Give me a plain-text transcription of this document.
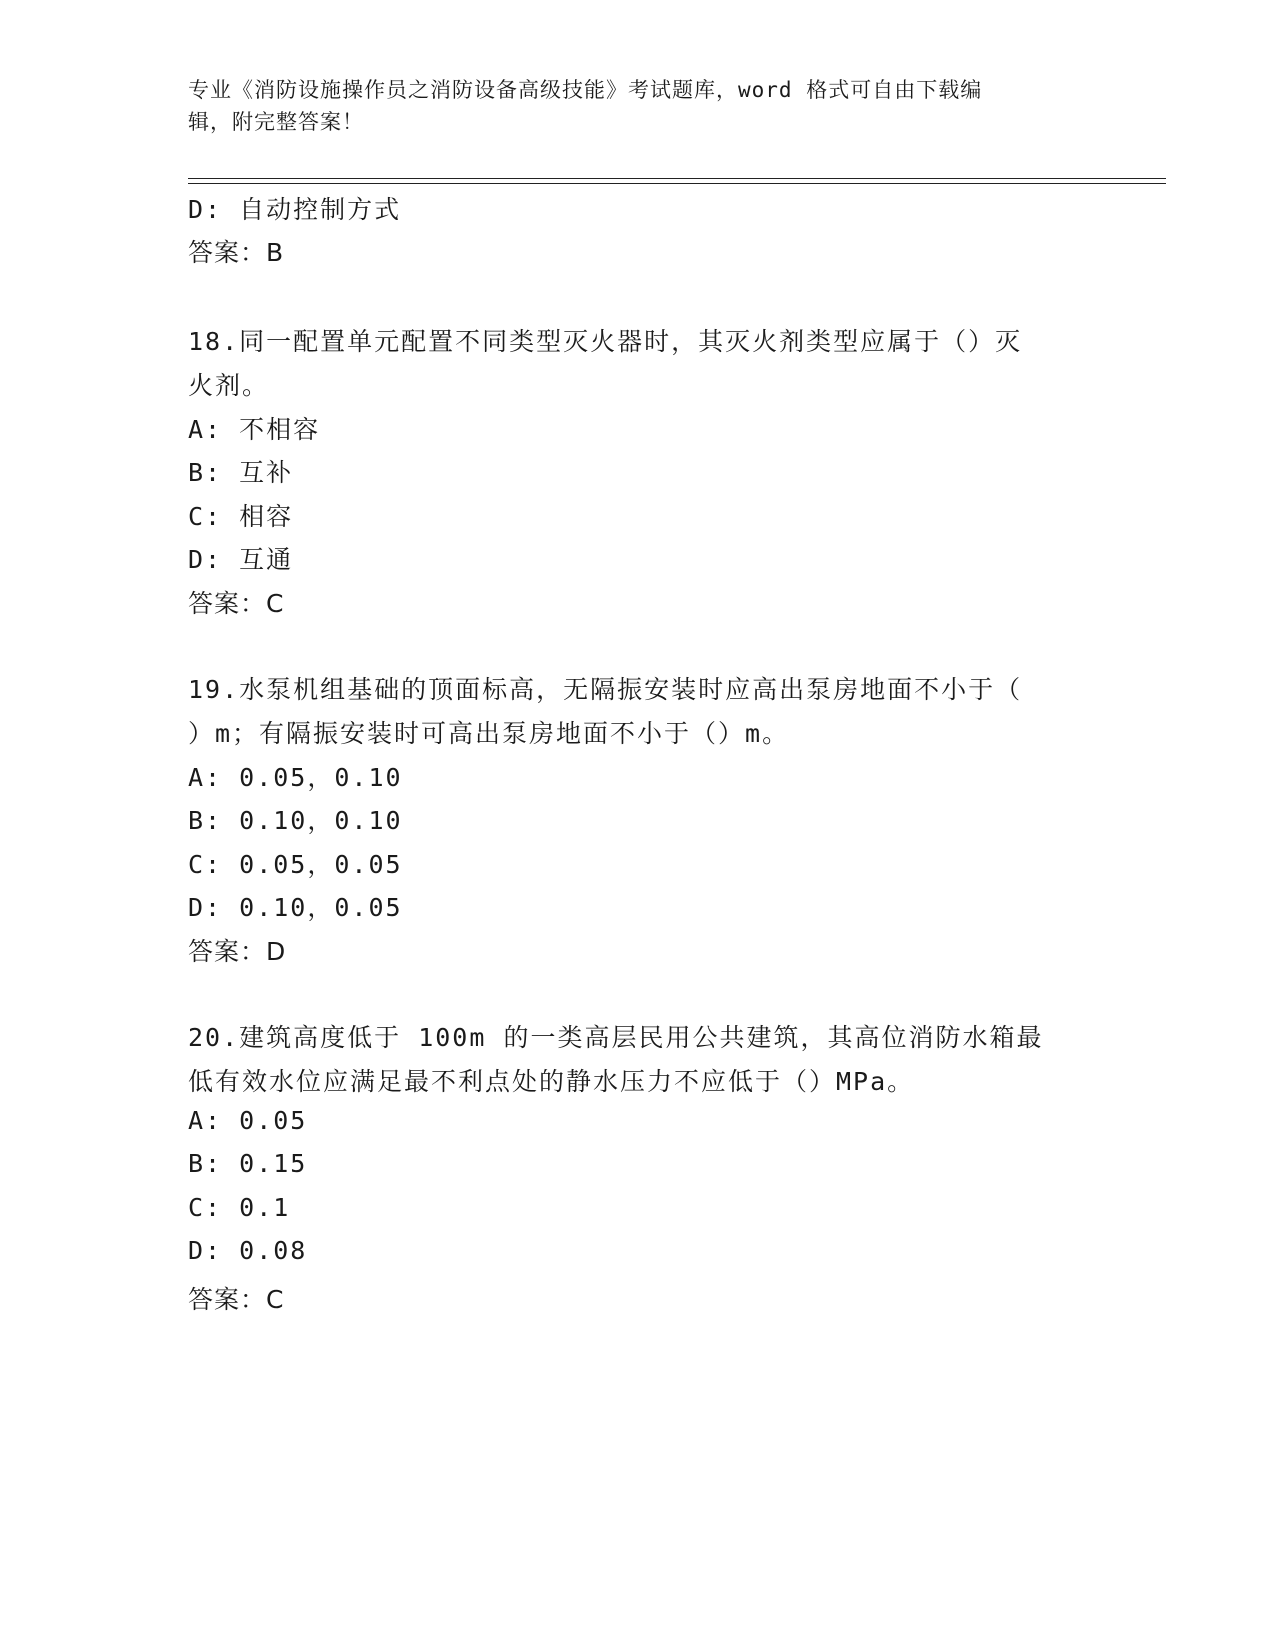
专业《消防设施操作员之消防设备高级技能》考试题库，word 格式可自由下载编
辑，附完整答案！
D: 自动控制方式
答案：B
18.同一配置单元配置不同类型灭火器时，其灭火剂类型应属于（）灭
火剂。
A: 不相容
B: 互补
C: 相容
D: 互通
答案：C
19.水泵机组基础的顶面标高，无隔振安装时应高出泵房地面不小于（
）m；有隔振安装时可高出泵房地面不小于（）m。
A: 0.05，0.10
B: 0.10，0.10
C: 0.05，0.05
D: 0.10，0.05
答案：D
20.建筑高度低于 100m 的一类高层民用公共建筑，其高位消防水箱最
低有效水位应满足最不利点处的静水压力不应低于（）MPa。
A: 0.05
B: 0.15
C: 0.1
D: 0.08
答案：C
